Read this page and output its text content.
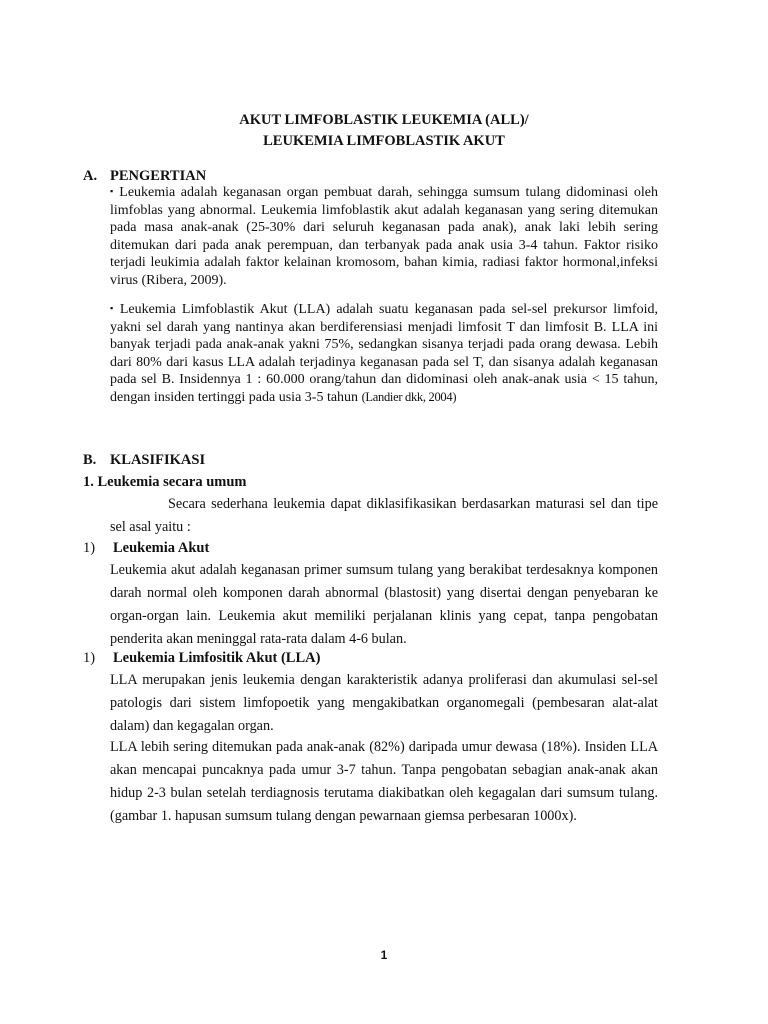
AKUT LIMFOBLASTIK LEUKEMIA (ALL)/
LEUKEMIA LIMFOBLASTIK AKUT
A. PENGERTIAN
▪ Leukemia adalah keganasan organ pembuat darah, sehingga sumsum tulang didominasi oleh limfoblas yang abnormal. Leukemia limfoblastik akut adalah keganasan yang sering ditemukan pada masa anak-anak (25-30% dari seluruh keganasan pada anak), anak laki lebih sering ditemukan dari pada anak perempuan, dan terbanyak pada anak usia 3-4 tahun. Faktor risiko terjadi leukimia adalah faktor kelainan kromosom, bahan kimia, radiasi faktor hormonal,infeksi virus (Ribera, 2009).
▪ Leukemia Limfoblastik Akut (LLA) adalah suatu keganasan pada sel-sel prekursor limfoid, yakni sel darah yang nantinya akan berdiferensiasi menjadi limfosit T dan limfosit B. LLA ini banyak terjadi pada anak-anak yakni 75%, sedangkan sisanya terjadi pada orang dewasa. Lebih dari 80% dari kasus LLA adalah terjadinya keganasan pada sel T, dan sisanya adalah keganasan pada sel B. Insidennya 1 : 60.000 orang/tahun dan didominasi oleh anak-anak usia < 15 tahun, dengan insiden tertinggi pada usia 3-5 tahun (Landier dkk, 2004)
B. KLASIFIKASI
1. Leukemia secara umum
Secara sederhana leukemia dapat diklasifikasikan berdasarkan maturasi sel dan tipe sel asal yaitu :
1) Leukemia Akut
Leukemia akut adalah keganasan primer sumsum tulang yang berakibat terdesaknya komponen darah normal oleh komponen darah abnormal (blastosit) yang disertai dengan penyebaran ke organ-organ lain. Leukemia akut memiliki perjalanan klinis yang cepat, tanpa pengobatan penderita akan meninggal rata-rata dalam 4-6 bulan.
1) Leukemia Limfositik Akut (LLA)
LLA merupakan jenis leukemia dengan karakteristik adanya proliferasi dan akumulasi sel-sel patologis dari sistem limfopoetik yang mengakibatkan organomegali (pembesaran alat-alat dalam) dan kegagalan organ.
LLA lebih sering ditemukan pada anak-anak (82%) daripada umur dewasa (18%). Insiden LLA akan mencapai puncaknya pada umur 3-7 tahun. Tanpa pengobatan sebagian anak-anak akan hidup 2-3 bulan setelah terdiagnosis terutama diakibatkan oleh kegagalan dari sumsum tulang. (gambar 1. hapusan sumsum tulang dengan pewarnaan giemsa perbesaran 1000x).
1
